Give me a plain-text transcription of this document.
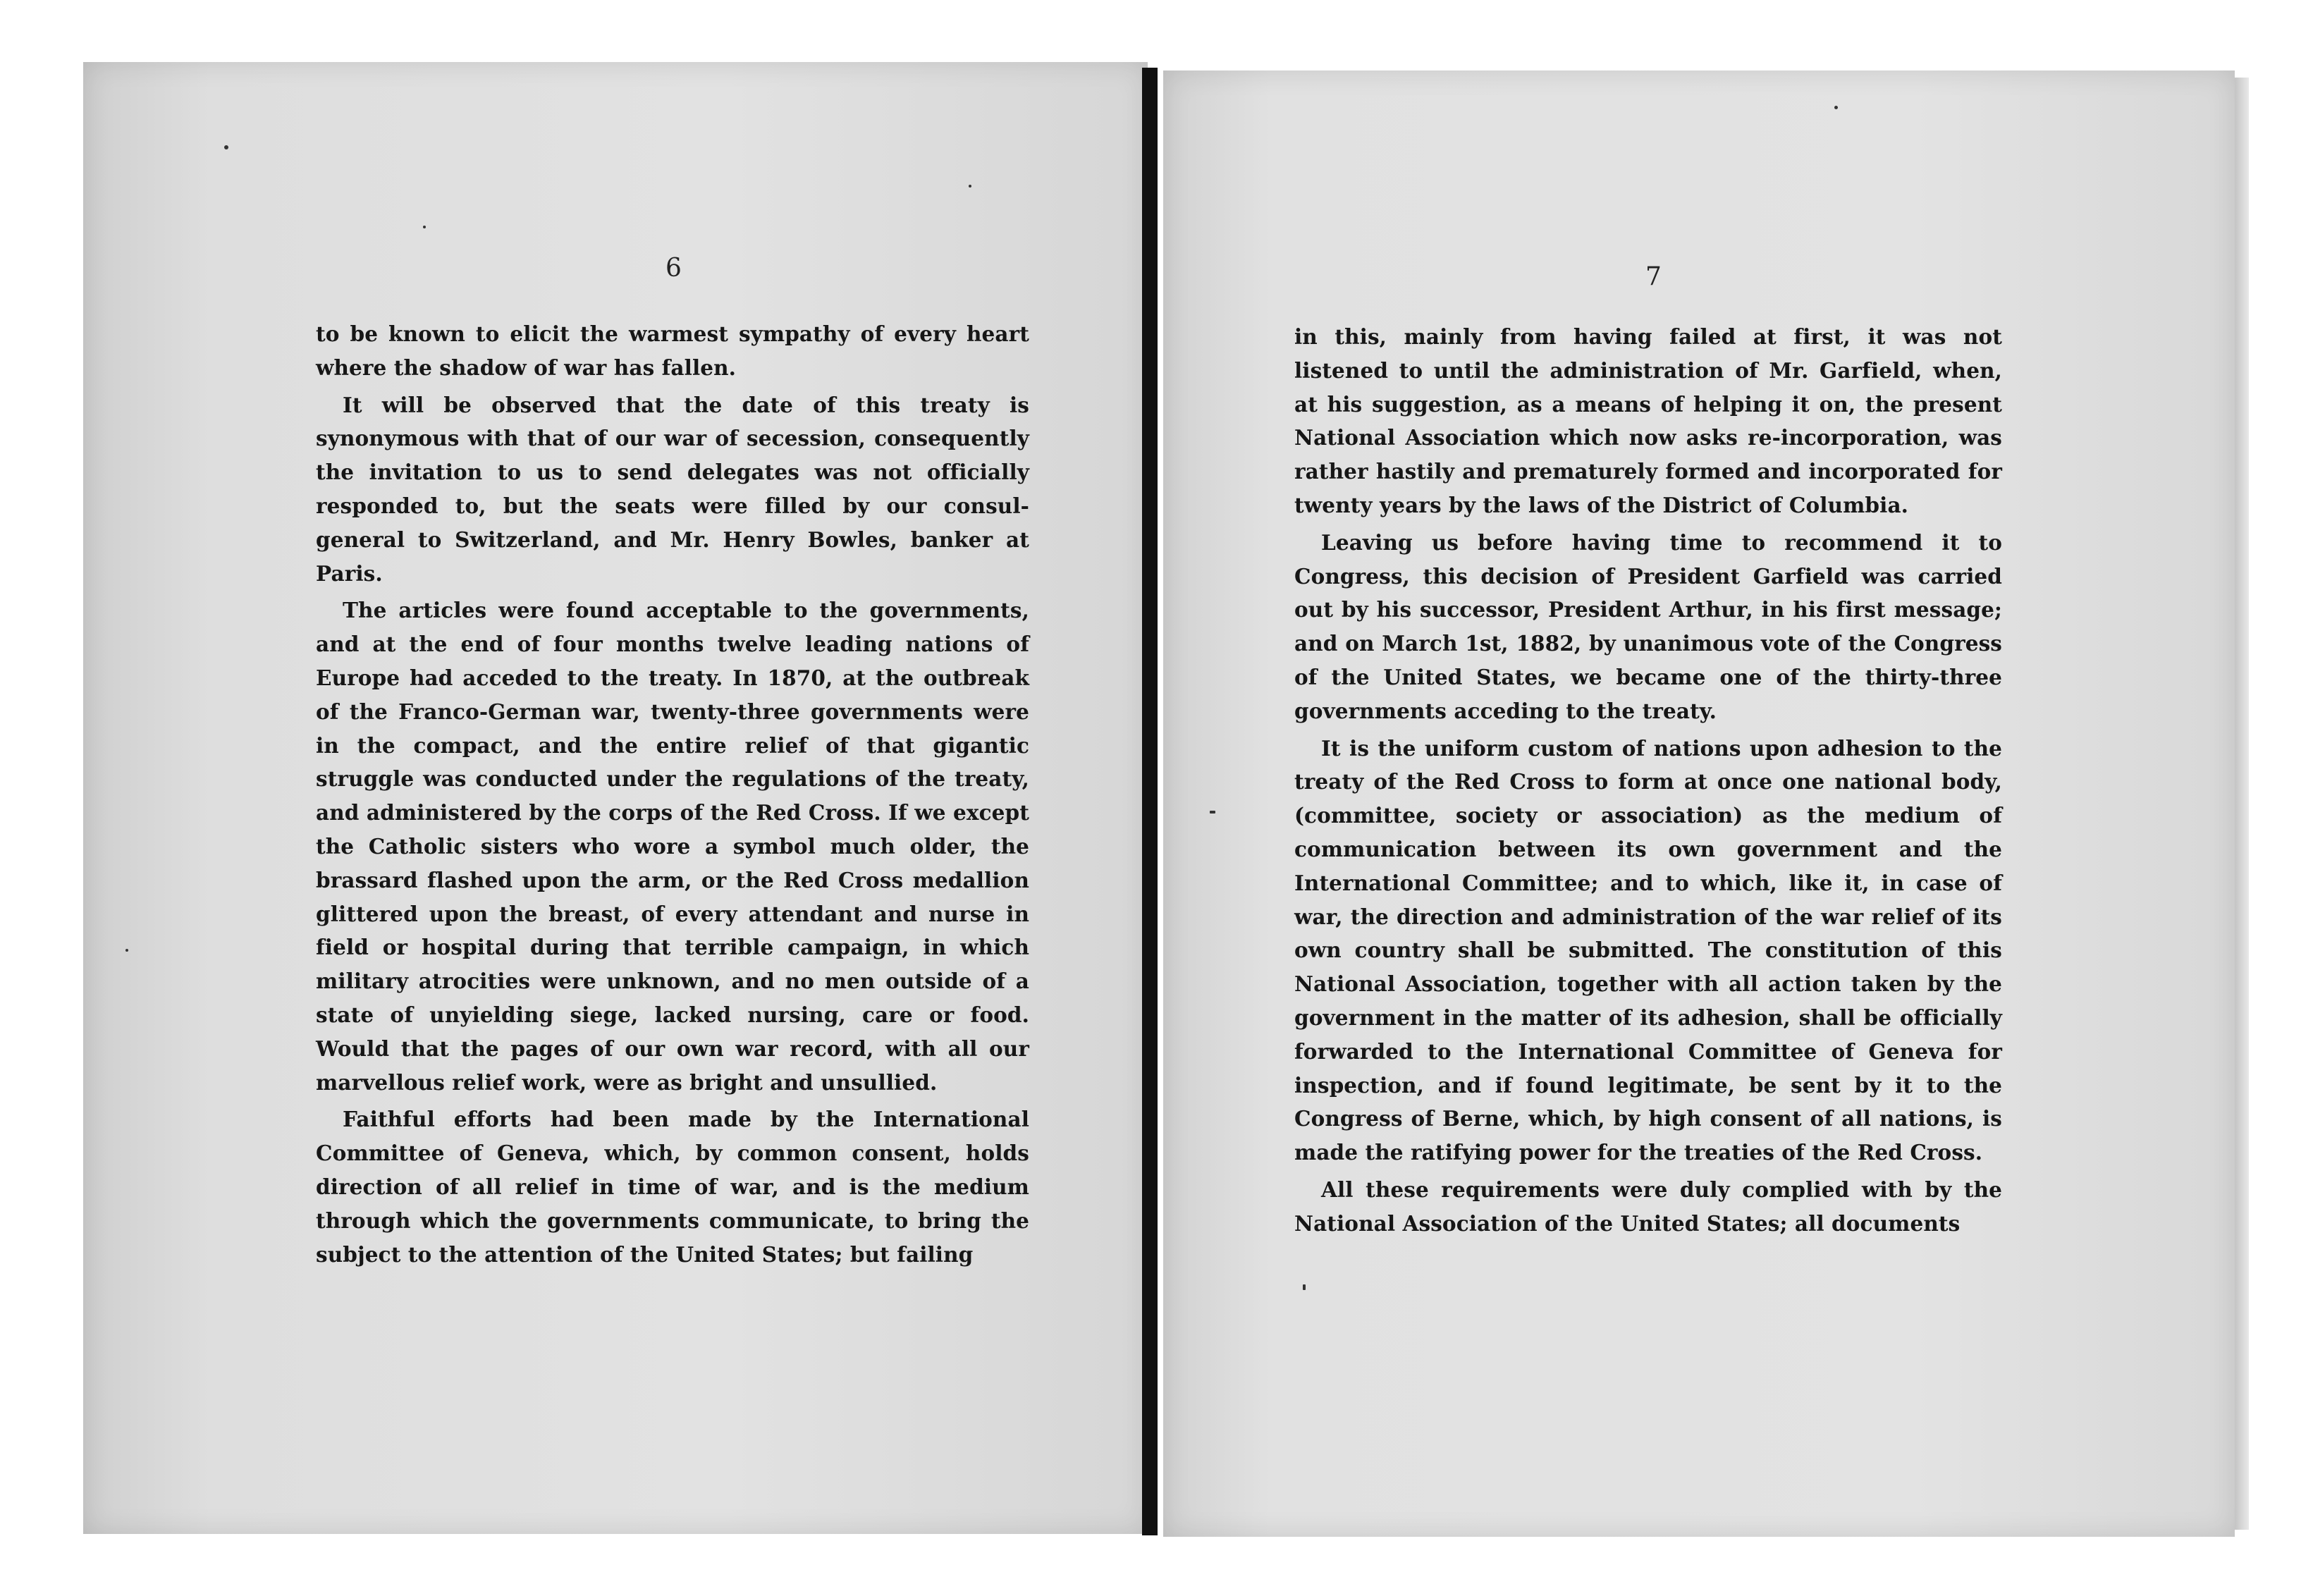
6	7

to be known to elicit the warmest sympathy of every heart where the shadow of war has fallen.

It will be observed that the date of this treaty is synonymous with that of our war of secession, consequently the invitation to us to send delegates was not officially responded to, but the seats were filled by our consul-general to Switzerland, and Mr. Henry Bowles, banker at Paris.

The articles were found acceptable to the governments, and at the end of four months twelve leading nations of Europe had acceded to the treaty. In 1870, at the outbreak of the Franco-German war, twenty-three governments were in the compact, and the entire relief of that gigantic struggle was conducted under the regulations of the treaty, and administered by the corps of the Red Cross. If we except the Catholic sisters who wore a symbol much older, the brassard flashed upon the arm, or the Red Cross medallion glittered upon the breast, of every attendant and nurse in field or hospital during that terrible campaign, in which military atrocities were unknown, and no men outside of a state of unyielding siege, lacked nursing, care or food. Would that the pages of our own war record, with all our marvellous relief work, were as bright and unsullied.

Faithful efforts had been made by the International Committee of Geneva, which, by common consent, holds direction of all relief in time of war, and is the medium through which the governments communicate, to bring the subject to the attention of the United States; but failing

in this, mainly from having failed at first, it was not listened to until the administration of Mr. Garfield, when, at his suggestion, as a means of helping it on, the present National Association which now asks re-incorporation, was rather hastily and prematurely formed and incorporated for twenty years by the laws of the District of Columbia.

Leaving us before having time to recommend it to Congress, this decision of President Garfield was carried out by his successor, President Arthur, in his first message; and on March 1st, 1882, by unanimous vote of the Congress of the United States, we became one of the thirty-three governments acceding to the treaty.

It is the uniform custom of nations upon adhesion to the treaty of the Red Cross to form at once one national body, (committee, society or association) as the medium of communication between its own government and the International Committee; and to which, like it, in case of war, the direction and administration of the war relief of its own country shall be submitted. The constitution of this National Association, together with all action taken by the government in the matter of its adhesion, shall be officially forwarded to the International Committee of Geneva for inspection, and if found legitimate, be sent by it to the Congress of Berne, which, by high consent of all nations, is made the ratifying power for the treaties of the Red Cross.

All these requirements were duly complied with by the National Association of the United States; all documents
